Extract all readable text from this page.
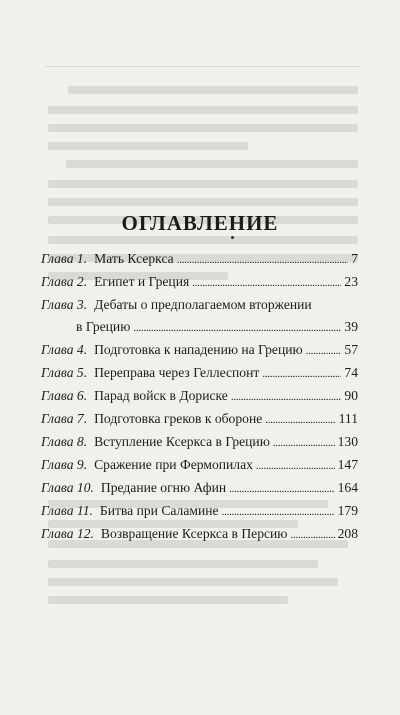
ОГЛАВЛЕНИЕ
Глава 1. Мать Ксеркса . . .	7
Глава 2. Египет и Греция . . .	23
Глава 3. Дебаты о предполагаемом вторжении
в Грецию . . .	39
Глава 4. Подготовка к нападению на Грецию . . .	57
Глава 5. Переправа через Геллеспонт . . .	74
Глава 6. Парад войск в Дориске . . .	90
Глава 7. Подготовка греков к обороне . . .	111
Глава 8. Вступление Ксеркса в Грецию . . .	130
Глава 9. Сражение при Фермопилах . . .	147
Глава 10. Предание огню Афин . . .	164
Глава 11. Битва при Саламине . . .	179
Глава 12. Возвращение Ксеркса в Персию . . .	208
